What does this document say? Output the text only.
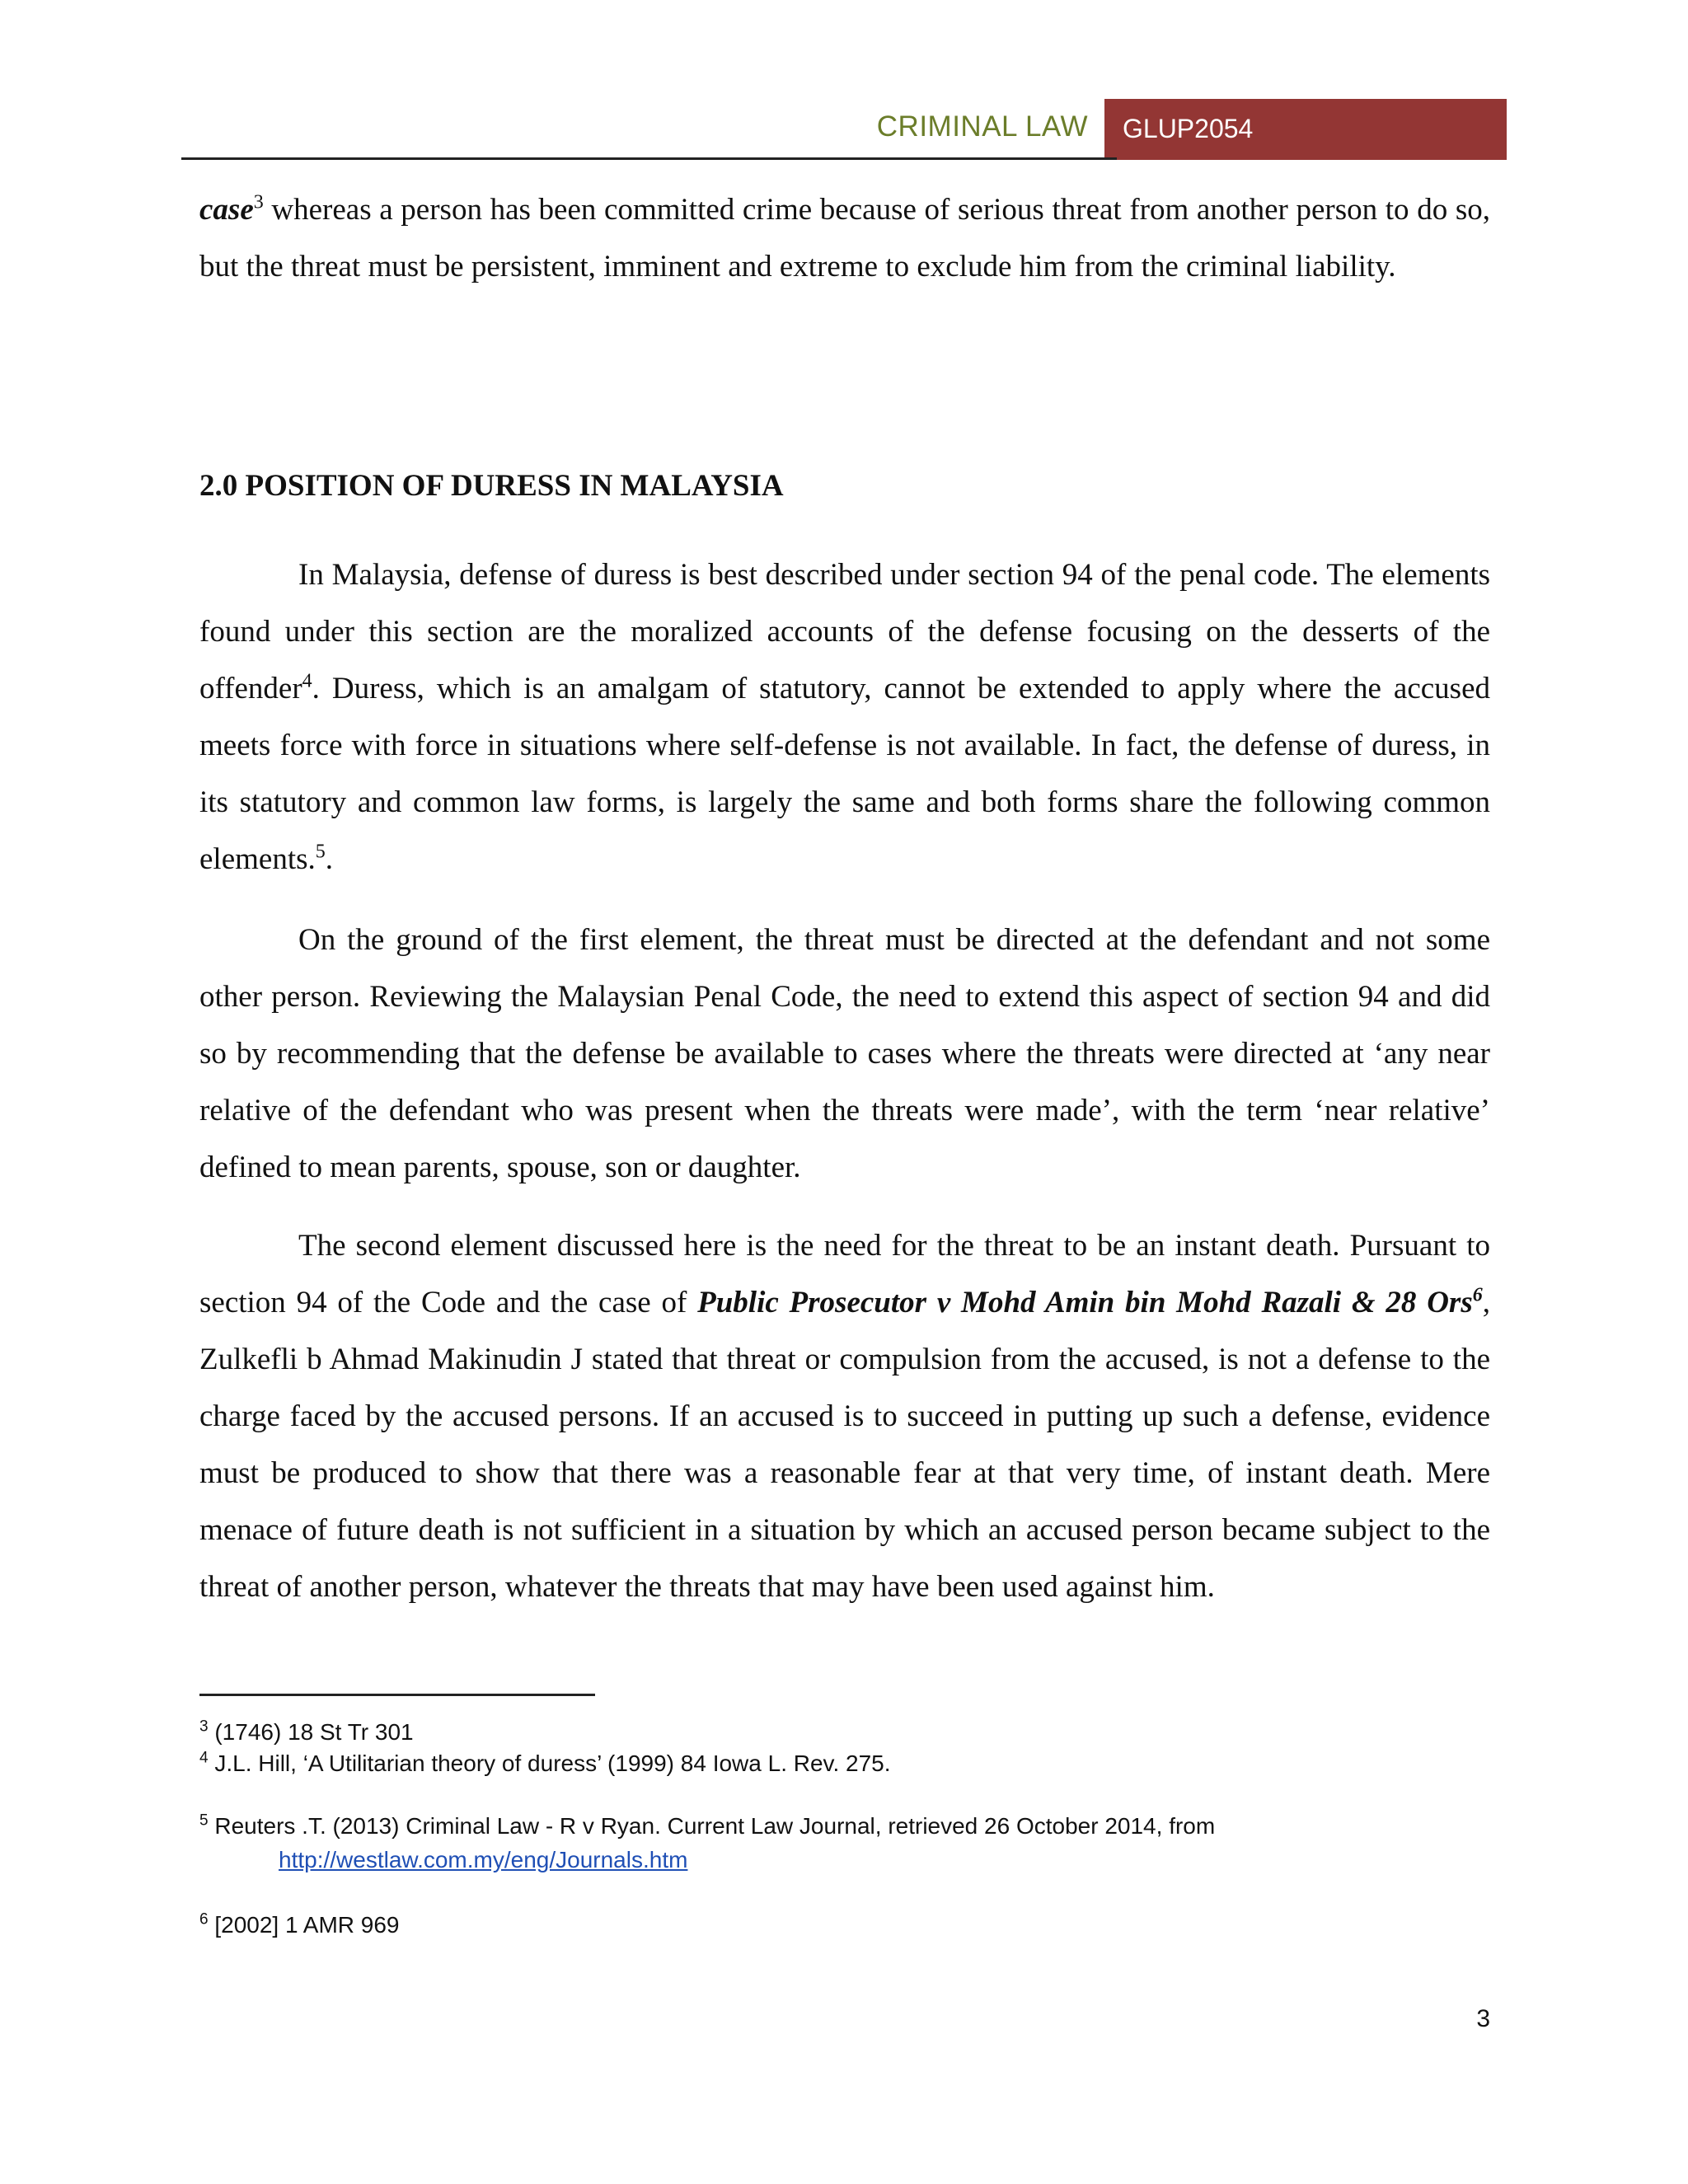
CRIMINAL LAW GLUP2054

case$^3$ whereas a person has been committed crime because of serious threat from another person to do so, but the threat must be persistent, imminent and extreme to exclude him from the criminal liability.

2.0 POSITION OF DURESS IN MALAYSIA

In Malaysia, defense of duress is best described under section 94 of the penal code. The elements found under this section are the moralized accounts of the defense focusing on the desserts of the offender$^4$. Duress, which is an amalgam of statutory, cannot be extended to apply where the accused meets force with force in situations where self-defense is not available. In fact, the defense of duress, in its statutory and common law forms, is largely the same and both forms share the following common elements.$^5$.

On the ground of the first element, the threat must be directed at the defendant and not some other person. Reviewing the Malaysian Penal Code, the need to extend this aspect of section 94 and did so by recommending that the defense be available to cases where the threats were directed at ‘any near relative of the defendant who was present when the threats were made’, with the term ‘near relative’ defined to mean parents, spouse, son or daughter.

The second element discussed here is the need for the threat to be an instant death. Pursuant to section 94 of the Code and the case of Public Prosecutor v Mohd Amin bin Mohd Razali & 28 Ors$^6$, Zulkefli b Ahmad Makinudin J stated that threat or compulsion from the accused, is not a defense to the charge faced by the accused persons. If an accused is to succeed in putting up such a defense, evidence must be produced to show that there was a reasonable fear at that very time, of instant death. Mere menace of future death is not sufficient in a situation by which an accused person became subject to the threat of another person, whatever the threats that may have been used against him.

$^3$ (1746) 18 St Tr 301
$^4$ J.L. Hill, ‘A Utilitarian theory of duress’ (1999) 84 Iowa L. Rev. 275.
$^5$ Reuters .T. (2013) Criminal Law - R v Ryan. Current Law Journal, retrieved 26 October 2014, from
http://westlaw.com.my/eng/Journals.htm
$^6$ [2002] 1 AMR 969
3
